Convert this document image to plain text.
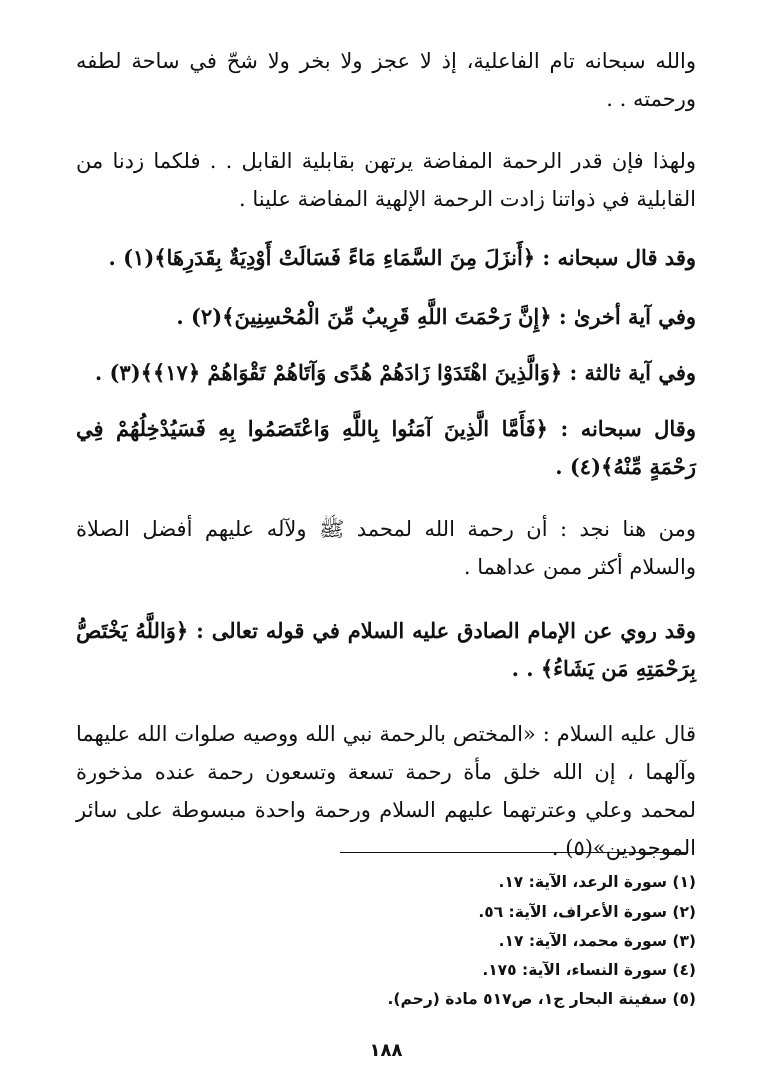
والله سبحانه تام الفاعلية، إذ لا عجز ولا بخر ولا شحّ في ساحة لطفه ورحمته . .

ولهذا فإن قدر الرحمة المفاضة يرتهن بقابلية القابل . . فلكما زدنا من القابلية في ذواتنا زادت الرحمة الإلهية المفاضة علينا .

وقد قال سبحانه : ﴿أَنزَلَ مِنَ السَّمَاءِ مَاءً فَسَالَتْ أَوْدِيَةٌ بِقَدَرِهَا﴾(١) .

وفي آية أخرىٰ : ﴿إِنَّ رَحْمَتَ اللَّهِ قَرِيبٌ مِّنَ الْمُحْسِنِينَ﴾(٢) .

وفي آية ثالثة : ﴿وَالَّذِينَ اهْتَدَوْا زَادَهُمْ هُدًى وَآتَاهُمْ تَقْوَاهُمْ ﴿١٧﴾﴾(٣) .

وقال سبحانه : ﴿فَأَمَّا الَّذِينَ آمَنُوا بِاللَّهِ وَاعْتَصَمُوا بِهِ فَسَيُدْخِلُهُمْ فِي رَحْمَةٍ مِّنْهُ﴾(٤) .

ومن هنا نجد : أن رحمة الله لمحمد ﷺ ولآله عليهم أفضل الصلاة والسلام أكثر ممن عداهما .

وقد روي عن الإمام الصادق عليه السلام في قوله تعالى : ﴿وَاللَّهُ يَخْتَصُّ بِرَحْمَتِهِ مَن يَشَاءُ﴾ . .

قال عليه السلام : «المختص بالرحمة نبي الله ووصيه صلوات الله عليهما وآلهما ، إن الله خلق مأة رحمة تسعة وتسعون رحمة عنده مذخورة لمحمد وعلي وعترتهما عليهم السلام ورحمة واحدة مبسوطة على سائر الموجودين»(٥) .

(١) سورة الرعد، الآية: ١٧.

(٢) سورة الأعراف، الآية: ٥٦.

(٣) سورة محمد، الآية: ١٧.

(٤) سورة النساء، الآية: ١٧٥.

(٥) سفينة البحار ج١، ص٥١٧ مادة (رحم).

١٨٨
